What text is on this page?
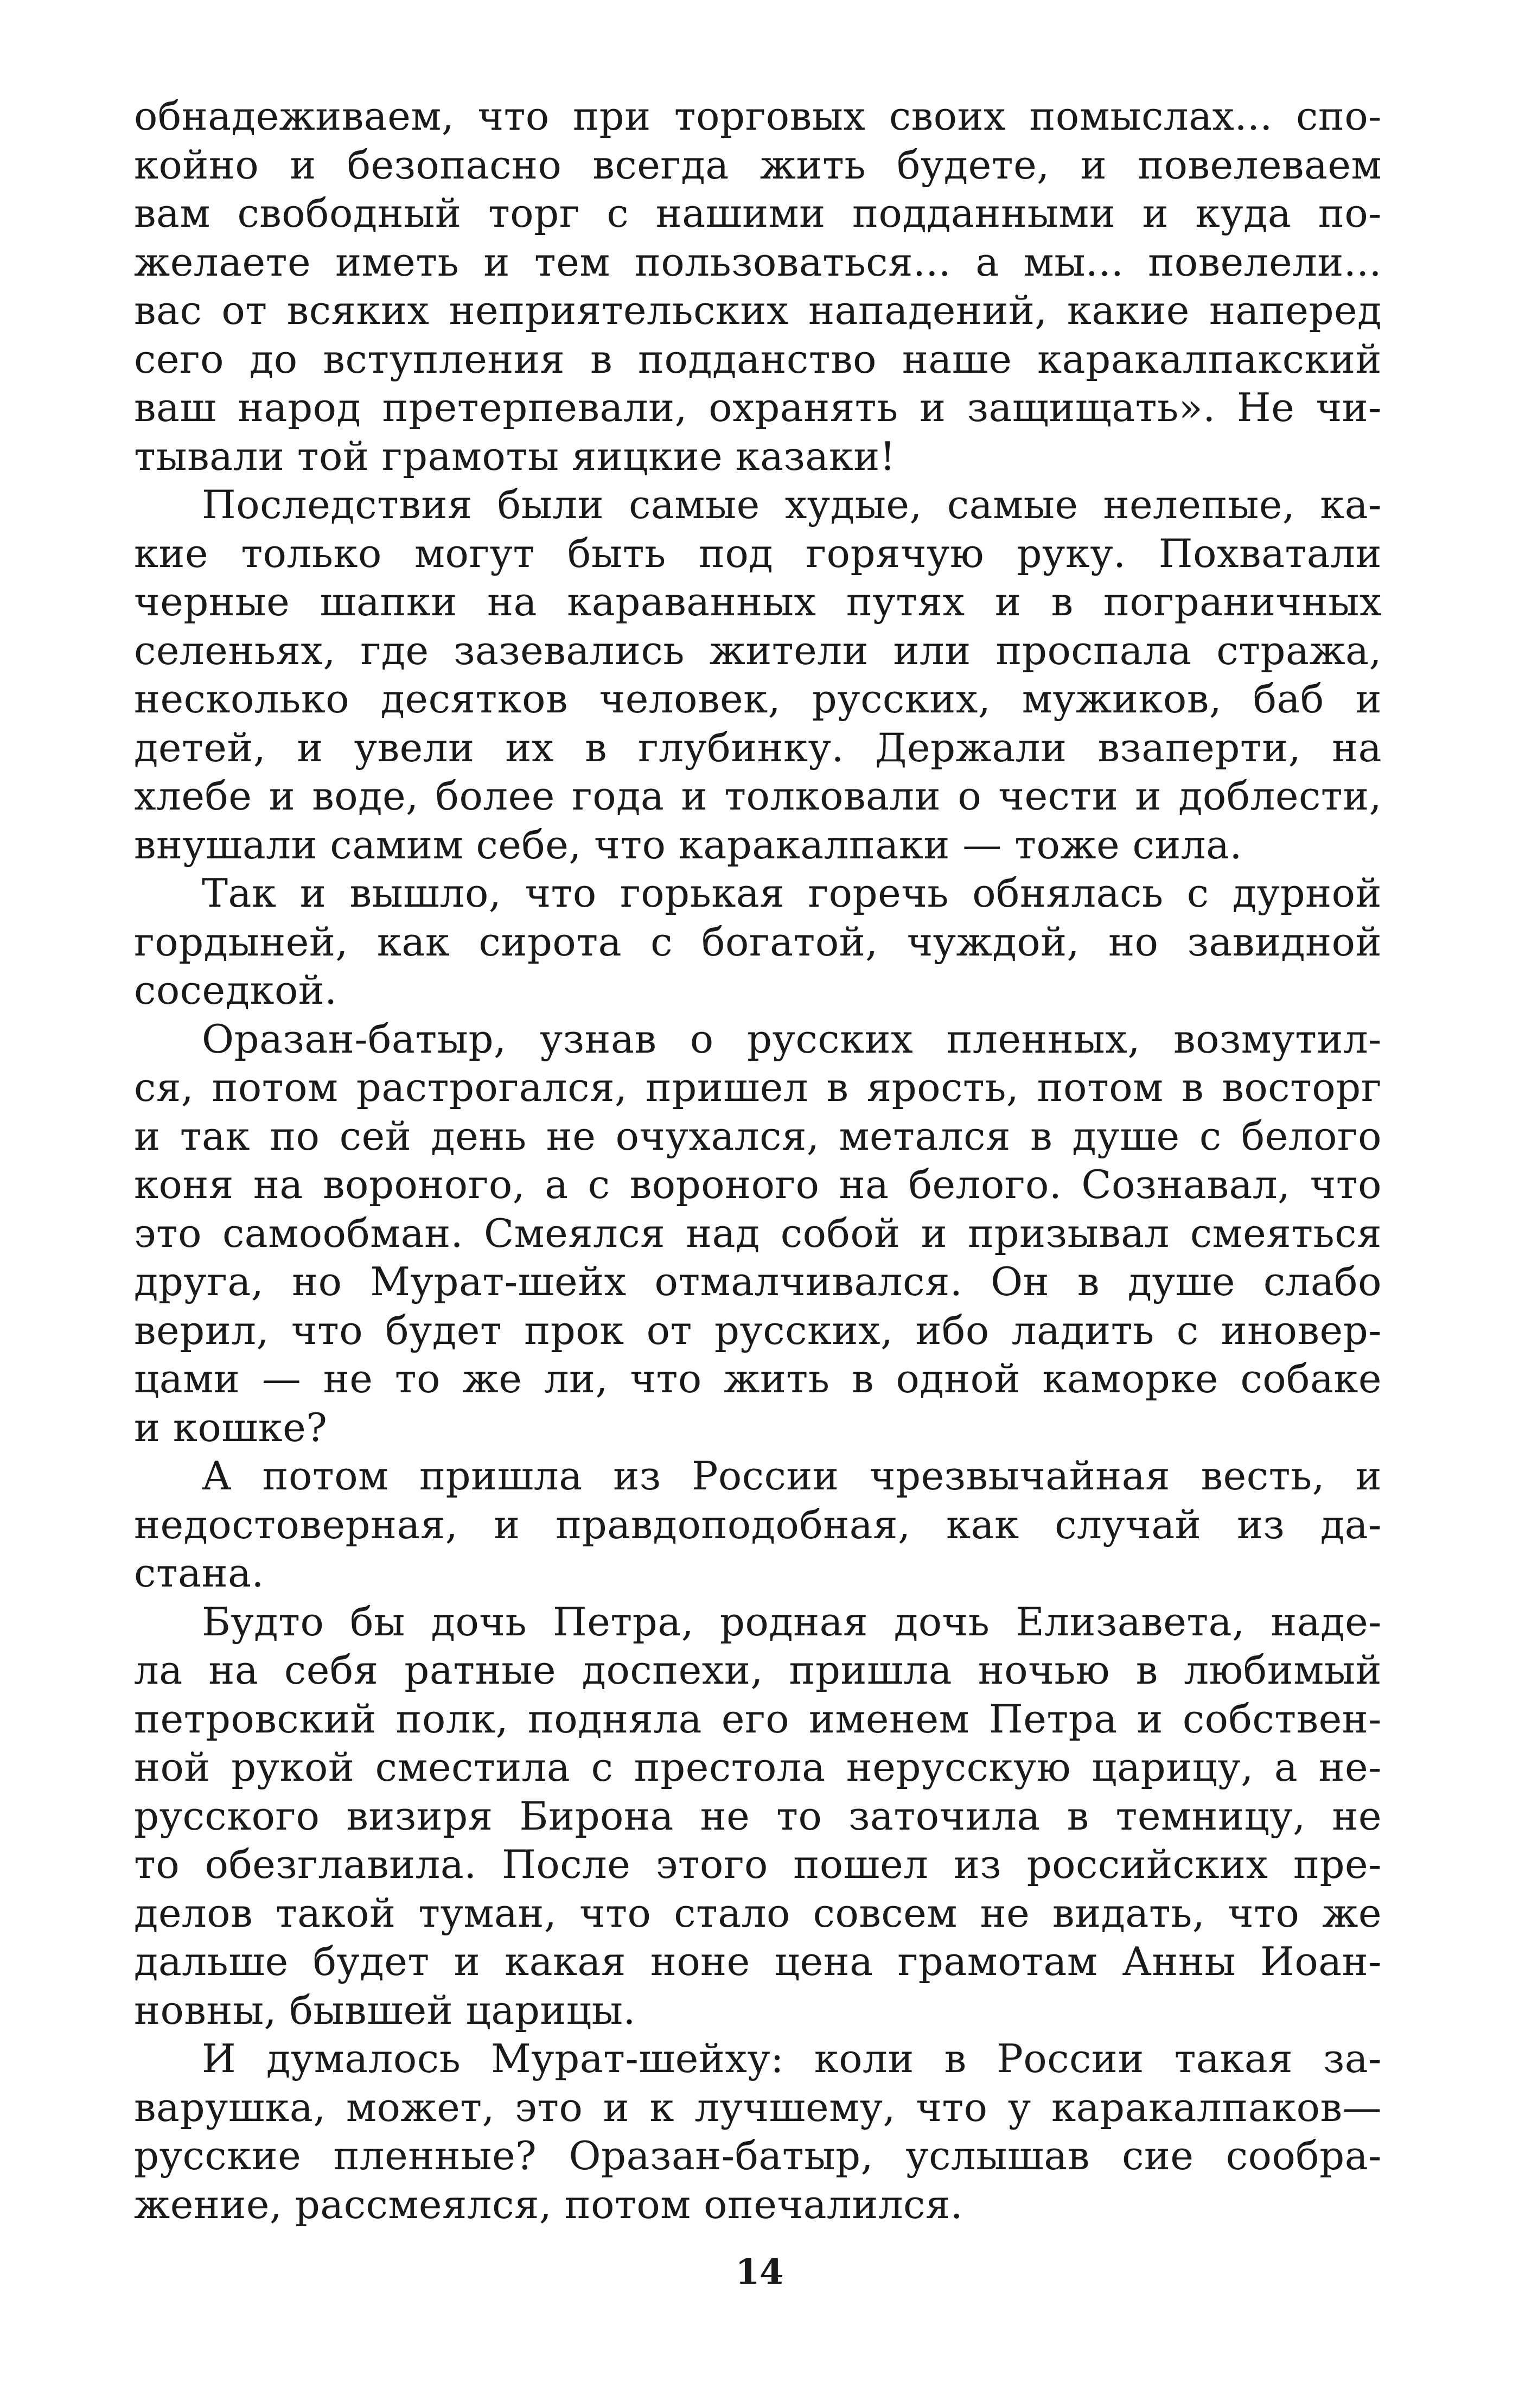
обнадеживаем, что при торговых своих помыслах... спо-
койно и безопасно всегда жить будете, и повелеваем
вам свободный торг с нашими подданными и куда по-
желаете иметь и тем пользоваться... а мы... повелели...
вас от всяких неприятельских нападений, какие наперед
сего до вступления в подданство наше каракалпакский
ваш народ претерпевали, охранять и защищать». Не чи-
тывали той грамоты яицкие казаки!
Последствия были самые худые, самые нелепые, ка-
кие только могут быть под горячую руку. Похватали
черные шапки на караванных путях и в пограничных
селеньях, где зазевались жители или проспала стража,
несколько десятков человек, русских, мужиков, баб и
детей, и увели их в глубинку. Держали взаперти, на
хлебе и воде, более года и толковали о чести и доблести,
внушали самим себе, что каракалпаки — тоже сила.
Так и вышло, что горькая горечь обнялась с дурной
гордыней, как сирота с богатой, чуждой, но завидной
соседкой.
Оразан-батыр, узнав о русских пленных, возмутил-
ся, потом растрогался, пришел в ярость, потом в восторг
и так по сей день не очухался, метался в душе с белого
коня на вороного, а с вороного на белого. Сознавал, что
это самообман. Смеялся над собой и призывал смеяться
друга, но Мурат-шейх отмалчивался. Он в душе слабо
верил, что будет прок от русских, ибо ладить с иновер-
цами — не то же ли, что жить в одной каморке собаке
и кошке?
А потом пришла из России чрезвычайная весть, и
недостоверная, и правдоподобная, как случай из да-
стана.
Будто бы дочь Петра, родная дочь Елизавета, наде-
ла на себя ратные доспехи, пришла ночью в любимый
петровский полк, подняла его именем Петра и собствен-
ной рукой сместила с престола нерусскую царицу, а не-
русского визиря Бирона не то заточила в темницу, не
то обезглавила. После этого пошел из российских пре-
делов такой туман, что стало совсем не видать, что же
дальше будет и какая ноне цена грамотам Анны Иоан-
новны, бывшей царицы.
И думалось Мурат-шейху: коли в России такая за-
варушка, может, это и к лучшему, что у каракалпаков—
русские пленные? Оразан-батыр, услышав сие сообра-
жение, рассмеялся, потом опечалился.
14
